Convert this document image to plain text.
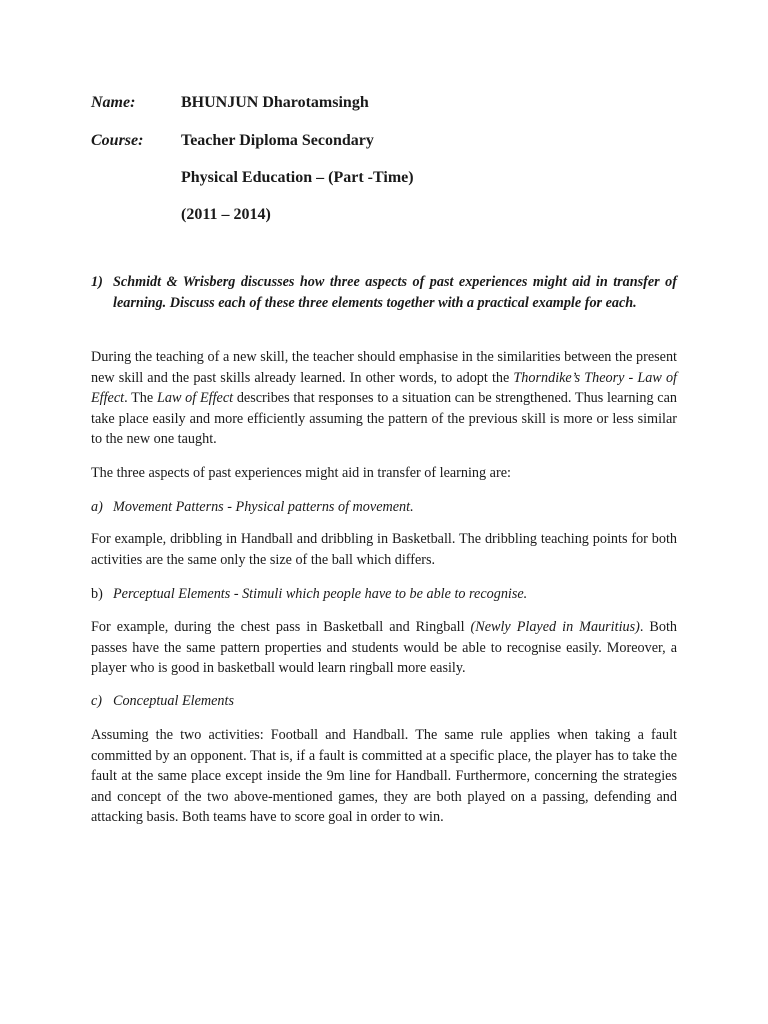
Name:	BHUNJUN Dharotamsingh
Course: Teacher Diploma Secondary
Physical Education – (Part -Time)
(2011 – 2014)
1) Schmidt & Wrisberg discusses how three aspects of past experiences might aid in transfer of learning. Discuss each of these three elements together with a practical example for each.

During the teaching of a new skill, the teacher should emphasise in the similarities between the present new skill and the past skills already learned. In other words, to adopt the Thorndike’s Theory - Law of Effect. The Law of Effect describes that responses to a situation can be strengthened. Thus learning can take place easily and more efficiently assuming the pattern of the previous skill is more or less similar to the new one taught.

The three aspects of past experiences might aid in transfer of learning are:

a) Movement Patterns - Physical patterns of movement.

For example, dribbling in Handball and dribbling in Basketball. The dribbling teaching points for both activities are the same only the size of the ball which differs.

b) Perceptual Elements - Stimuli which people have to be able to recognise.

For example, during the chest pass in Basketball and Ringball (Newly Played in Mauritius). Both passes have the same pattern properties and students would be able to recognise easily. Moreover, a player who is good in basketball would learn ringball more easily.

c) Conceptual Elements

Assuming the two activities: Football and Handball. The same rule applies when taking a fault committed by an opponent. That is, if a fault is committed at a specific place, the player has to take the fault at the same place except inside the 9m line for Handball. Furthermore, concerning the strategies and concept of the two above-mentioned games, they are both played on a passing, defending and attacking basis. Both teams have to score goal in order to win.
